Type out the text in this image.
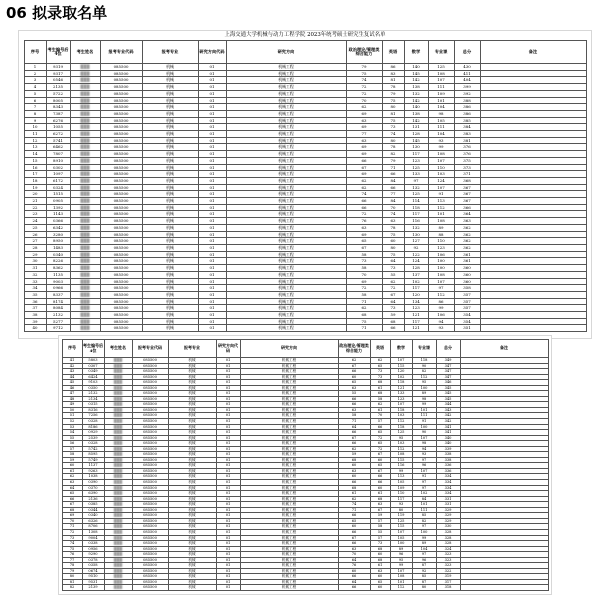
06 拟录取名单
上海交通大学机械与动力工程学院 2023年统考硕士研究生复试名单
序号	考生编号后4位	考生姓名	报考专业代码	报考专业	研究方向代码	研究方向	政治理论/管理类综合能力	英语	数学	专业课	总分	备注
1	9319	███	085500	机械	01	机械工程	79	86	140	125	430	
2	9317	███	085500	机械	01	机械工程	75	83	145	108	411	
3	0546	███	085500	机械	01	机械工程	74	81	142	107	404	
4	2135	███	085500	机械	01	机械工程	72	78	138	111	399	
5	5722	███	085500	机械	01	机械工程	72	79	132	109	392	
6	8005	███	085500	机械	01	机械工程	70	75	142	101	388	
7	8343	███	085500	机械	01	机械工程	62	80	140	104	386	
8	7387	███	085500	机械	01	机械工程	69	81	138	98	386	
9	6276	███	085500	机械	01	机械工程	63	75	142	105	385	
10	1055	███	085500	机械	01	机械工程	69	73	131	111	384	
11	6272	███	085500	机械	01	机械工程	77	74	128	104	383	
12	5741	███	085500	机械	01	机械工程	63	80	145	93	381	
13	6462	███	085500	机械	01	机械工程	69	78	130	99	376	
14	7807	███	085500	机械	01	机械工程	69	82	117	108	376	
15	8910	███	085500	机械	01	机械工程	66	79	123	107	375	
16	0302	███	085500	机械	01	机械工程	67	71	125	110	373	
17	1097	███	085500	机械	01	机械工程	69	66	133	103	371	
18	6172	███	085500	机械	01	机械工程	62	84	97	124	368	
19	0324	███	085500	机械	01	机械工程	62	66	132	107	367	
20	1515	███	085500	机械	01	机械工程	74	77	125	91	367	
21	0905	███	085500	机械	01	机械工程	66	84	114	113	367	
22	1392	███	085500	机械	01	机械工程	66	70	118	112	366	
23	1143	███	085500	机械	01	机械工程	72	74	117	101	364	
24	0366	███	085500	机械	01	机械工程	76	63	116	108	363	
25	6342	███	085500	机械	01	机械工程	63	78	132	89	362	
26	3280	███	085500	机械	01	机械工程	69	75	130	88	362	
27	8950	███	085500	机械	01	机械工程	65	60	127	110	362	
28	1483	███	085500	机械	01	机械工程	67	80	92	123	362	
29	0340	███	085500	机械	01	机械工程	58	75	122	106	361	
30	8226	███	085500	机械	01	机械工程	73	64	124	100	361	
31	8362	███	085500	机械	01	机械工程	58	73	128	100	360	
32	1135	███	085500	机械	01	机械工程	70	55	137	108	360	
33	9003	███	085500	机械	01	机械工程	69	62	102	107	360	
34	0966	███	085500	机械	01	机械工程	72	72	117	97	358	
35	8337	███	085500	机械	01	机械工程	58	67	120	112	357	
36	8174	███	085500	机械	01	机械工程	71	64	134	86	357	
37	8084	███	085500	机械	01	机械工程	62	73	123	99	357	
38	2132	███	085500	机械	01	机械工程	68	59	121	106	354	
39	5277	███	085500	机械	01	机械工程	75	68	117	94	354	
40	9712	███	085500	机械	01	机械工程	71	66	121	93	351	
序号	考生编号后4位	考生姓名	报考专业代码	报考专业	研究方向代码	研究方向	政治理论/管理类综合能力	英语	数学	专业课	总分	备注
41	5803	███	085500	机械	01	机械工程	62	62	107	118	349	
42	0307	███	085500	机械	01	机械工程	67	65	115	90	347	
43	0349	███	085500	机械	01	机械工程	66	73	120	82	347	
44	6424	███	085500	机械	01	机械工程	60	73	102	112	347	
45	9103	███	085500	机械	01	机械工程	65	68	118	95	346	
46	0350	███	085500	机械	01	机械工程	63	61	121	100	345	
47	2132	███	085500	机械	01	机械工程	55	68	133	89	345	
48	2134	███	085500	机械	01	机械工程	66	58	123	98	345	
49	0315	███	085500	机械	01	机械工程	66	62	107	99	344	
50	8316	███	085500	机械	01	机械工程	63	61	118	101	343	
51	7256	███	085500	机械	01	机械工程	58	70	103	111	342	
52	0328	███	085500	机械	01	机械工程	71	57	112	91	342	
53	8186	███	085500	机械	01	机械工程	64	66	118	100	341	
54	0929	███	085500	机械	01	机械工程	66	65	125	90	341	
55	2539	███	085500	机械	01	机械工程	67	72	95	107	340	
56	0328	███	085500	机械	01	机械工程	66	65	103	98	340	
57	5742	███	085500	机械	01	机械工程	62	72	112	94	339	
58	8595	███	085500	机械	01	机械工程	59	67	108	93	338	
59	5749	███	085500	机械	01	机械工程	68	60	115	97	338	
60	1137	███	085500	机械	01	机械工程	60	65	116	96	336	
61	9263	███	085500	机械	01	机械工程	63	67	99	107	336	
62	1038	███	085500	机械	01	机械工程	60	66	113	91	334	
63	0390	███	085500	机械	01	机械工程	66	66	105	97	334	
64	0370	███	085500	机械	01	机械工程	68	60	109	97	334	
65	6390	███	085500	机械	01	机械工程	61	61	110	102	334	
66	2136	███	085500	机械	01	机械工程	62	68	117	84	331	
67	0385	███	085500	机械	01	机械工程	74	63	93	101	331	
68	0344	███	085500	机械	01	机械工程	71	67	80	111	329	
69	0340	███	085500	机械	01	机械工程	66	59	119	85	329	
70	6326	███	085500	机械	01	机械工程	65	57	125	82	329	
71	8706	███	085500	机械	01	机械工程	60	58	115	97	330	
72	1308	███	085500	机械	01	机械工程	66	55	107	100	328	
73	9004	███	085500	机械	01	机械工程	67	57	105	99	328	
74	0338	███	085500	机械	01	机械工程	66	73	100	89	328	
75	0956	███	085500	机械	01	机械工程	63	68	89	104	324	
76	9290	███	085500	机械	01	机械工程	70	60	96	97	323	
77	0378	███	085500	机械	01	机械工程	64	68	95	96	323	
78	0358	███	085500	机械	01	机械工程	76	61	99	87	323	
79	0674	███	085500	机械	01	机械工程	60	63	107	92	322	
80	9510	███	085500	机械	01	机械工程	66	60	108	85	319	
81	9531	███	085500	机械	01	机械工程	64	65	101	87	317	
82	2139	███	085500	机械	01	机械工程	66	60	112	80	318	
